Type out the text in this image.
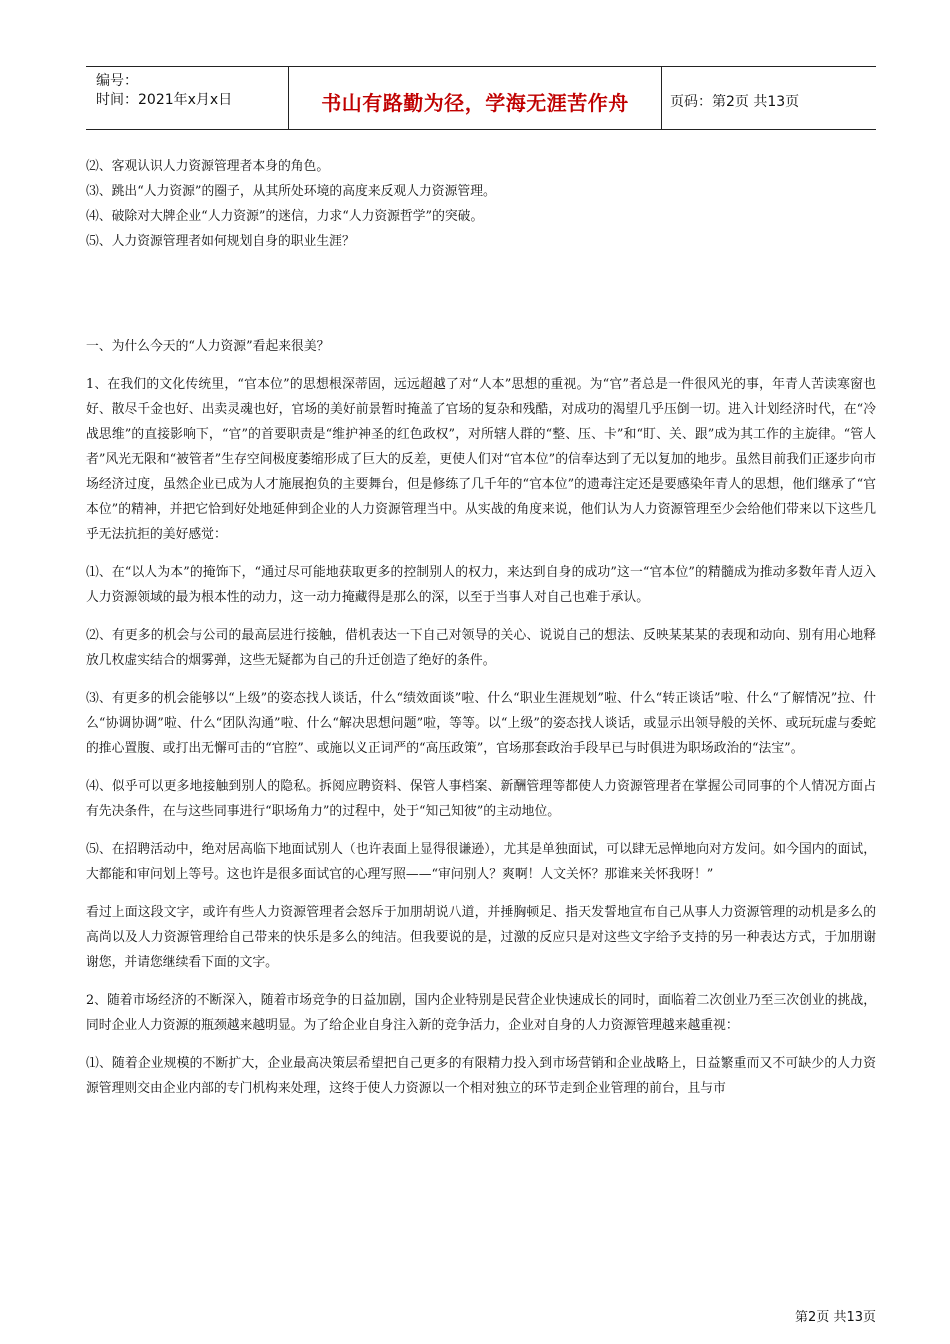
编号：
时间：2021年x月x日	书山有路勤为径，学海无涯苦作舟	页码：第2页 共13页
⑵、客观认识人力资源管理者本身的角色。
⑶、跳出“人力资源”的圈子，从其所处环境的高度来反观人力资源管理。
⑷、破除对大牌企业“人力资源”的迷信，力求“人力资源哲学”的突破。
⑸、人力资源管理者如何规划自身的职业生涯？
一、为什么今天的“人力资源”看起来很美？

1、在我们的文化传统里，“官本位”的思想根深蒂固，远远超越了对“人本”思想的重视。为“官”者总是一件很风光的事，年青人苦读寒窗也好、散尽千金也好、出卖灵魂也好，官场的美好前景暂时掩盖了官场的复杂和残酷，对成功的渴望几乎压倒一切。进入计划经济时代，在“冷战思维”的直接影响下，“官”的首要职责是“维护神圣的红色政权”，对所辖人群的“整、压、卡”和“盯、关、跟”成为其工作的主旋律。“管人者”风光无限和“被管者”生存空间极度萎缩形成了巨大的反差，更使人们对“官本位”的信奉达到了无以复加的地步。虽然目前我们正逐步向市场经济过度，虽然企业已成为人才施展抱负的主要舞台，但是修练了几千年的“官本位”的遗毒注定还是要感染年青人的思想，他们继承了“官本位”的精神，并把它恰到好处地延伸到企业的人力资源管理当中。从实战的角度来说，他们认为人力资源管理至少会给他们带来以下这些几乎无法抗拒的美好感觉：

⑴、在“以人为本”的掩饰下，“通过尽可能地获取更多的控制别人的权力，来达到自身的成功”这一“官本位”的精髓成为推动多数年青人迈入人力资源领域的最为根本性的动力，这一动力掩藏得是那么的深，以至于当事人对自己也难于承认。

⑵、有更多的机会与公司的最高层进行接触，借机表达一下自己对领导的关心、说说自己的想法、反映某某某的表现和动向、别有用心地释放几枚虚实结合的烟雾弹，这些无疑都为自己的升迁创造了绝好的条件。

⑶、有更多的机会能够以“上级”的姿态找人谈话，什么“绩效面谈”啦、什么“职业生涯规划”啦、什么“转正谈话”啦、什么“了解情况”拉、什么“协调协调”啦、什么“团队沟通”啦、什么“解决思想问题”啦，等等。以“上级”的姿态找人谈话，或显示出领导般的关怀、或玩玩虚与委蛇的推心置腹、或打出无懈可击的“官腔”、或施以义正词严的“高压政策”，官场那套政治手段早已与时俱进为职场政治的“法宝”。

⑷、似乎可以更多地接触到别人的隐私。拆阅应聘资料、保管人事档案、新酬管理等都使人力资源管理者在掌握公司同事的个人情况方面占有先决条件，在与这些同事进行“职场角力”的过程中，处于“知己知彼”的主动地位。

⑸、在招聘活动中，绝对居高临下地面试别人（也许表面上显得很谦逊），尤其是单独面试，可以肆无忌惮地向对方发问。如今国内的面试，大都能和审问划上等号。这也许是很多面试官的心理写照——“审问别人？爽啊！人文关怀？那谁来关怀我呀！”

看过上面这段文字，或许有些人力资源管理者会怒斥于加朋胡说八道，并捶胸顿足、指天发誓地宣布自己从事人力资源管理的动机是多么的高尚以及人力资源管理给自己带来的快乐是多么的纯洁。但我要说的是，过激的反应只是对这些文字给予支持的另一种表达方式，于加朋谢谢您，并请您继续看下面的文字。

2、随着市场经济的不断深入，随着市场竞争的日益加剧，国内企业特别是民营企业快速成长的同时，面临着二次创业乃至三次创业的挑战，同时企业人力资源的瓶颈越来越明显。为了给企业自身注入新的竞争活力，企业对自身的人力资源管理越来越重视：

⑴、随着企业规模的不断扩大，企业最高决策层希望把自己更多的有限精力投入到市场营销和企业战略上，日益繁重而又不可缺少的人力资源管理则交由企业内部的专门机构来处理，这终于使人力资源以一个相对独立的环节走到企业管理的前台，且与市

第2页 共13页
